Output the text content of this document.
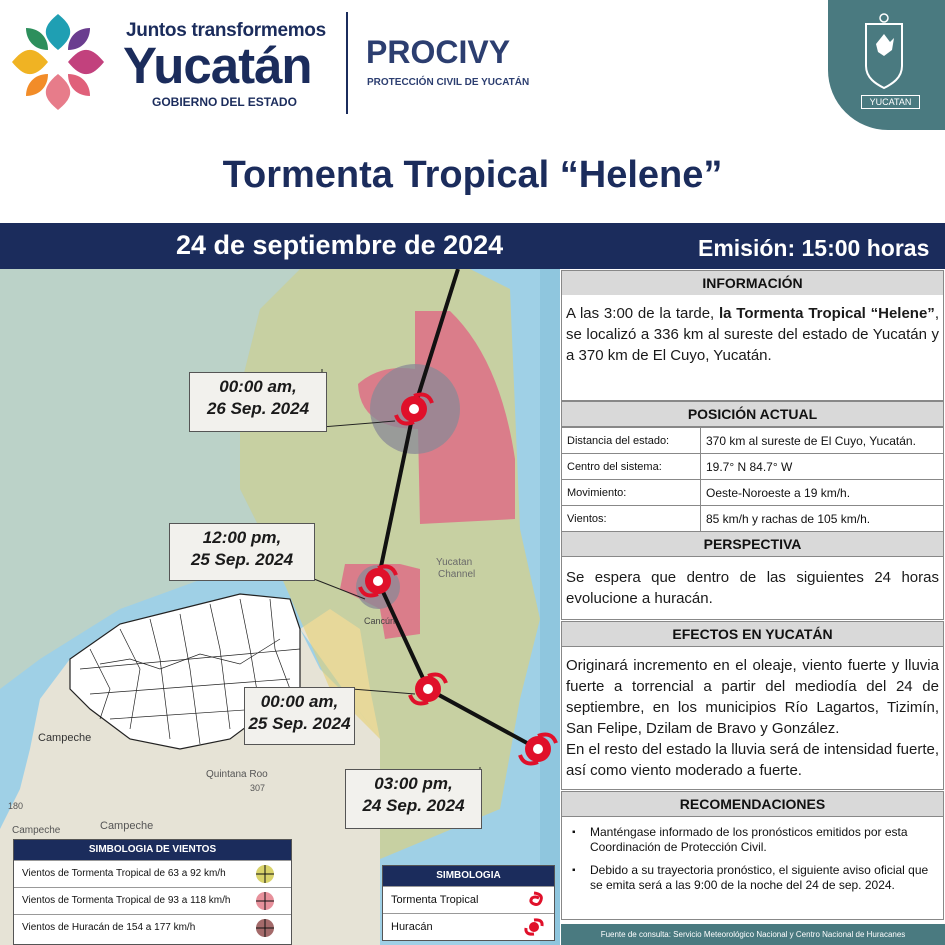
Juntos transformemos
Yucatán
GOBIERNO DEL ESTADO
PROCIVY
PROTECCIÓN CIVIL DE YUCATÁN
YUCATAN
Tormenta Tropical “Helene”
24 de septiembre de 2024	Emisión: 15:00 horas
Yucatan
Channel
Cancún
Campeche
Quintana Roo
Campeche
Campeche
180
307
00:00 am,
26 Sep. 2024
12:00 pm,
25 Sep. 2024
00:00 am,
25 Sep. 2024
03:00 pm,
24 Sep. 2024
SIMBOLOGIA DE VIENTOS
Vientos de Tormenta Tropical de 63 a 92 km/h
Vientos de Tormenta Tropical de 93 a 118 km/h
Vientos de Huracán de 154 a 177 km/h
SIMBOLOGIA
Tormenta Tropical
Huracán
INFORMACIÓN

A las 3:00 de la tarde, la Tormenta Tropical “Helene”, se localizó a 336 km al sureste del estado de Yucatán y a 370 km de El Cuyo, Yucatán.

POSICIÓN ACTUAL
Distancia del estado:	370 km al sureste de El Cuyo, Yucatán.
Centro del sistema:	19.7° N 84.7° W
Movimiento:	Oeste-Noroeste a 19 km/h.
Vientos:	85 km/h y rachas de 105 km/h.
PERSPECTIVA

Se espera que dentro de las siguientes 24 horas evolucione a huracán.

EFECTOS EN YUCATÁN

Originará incremento en el oleaje, viento fuerte y lluvia fuerte a torrencial a partir del mediodía del 24 de septiembre, en los municipios Río Lagartos, Tizimín, San Felipe, Dzilam de Bravo y González.

En el resto del estado la lluvia será de intensidad fuerte, así como viento moderado a fuerte.

RECOMENDACIONES

▪ Manténgase informado de los pronósticos emitidos por esta Coordinación de Protección Civil.

▪ Debido a su trayectoria pronóstico, el siguiente aviso oficial que se emita será a las 9:00 de la noche del 24 de sep. 2024.

Fuente de consulta: Servicio Meteorológico Nacional y Centro Nacional de Huracanes
